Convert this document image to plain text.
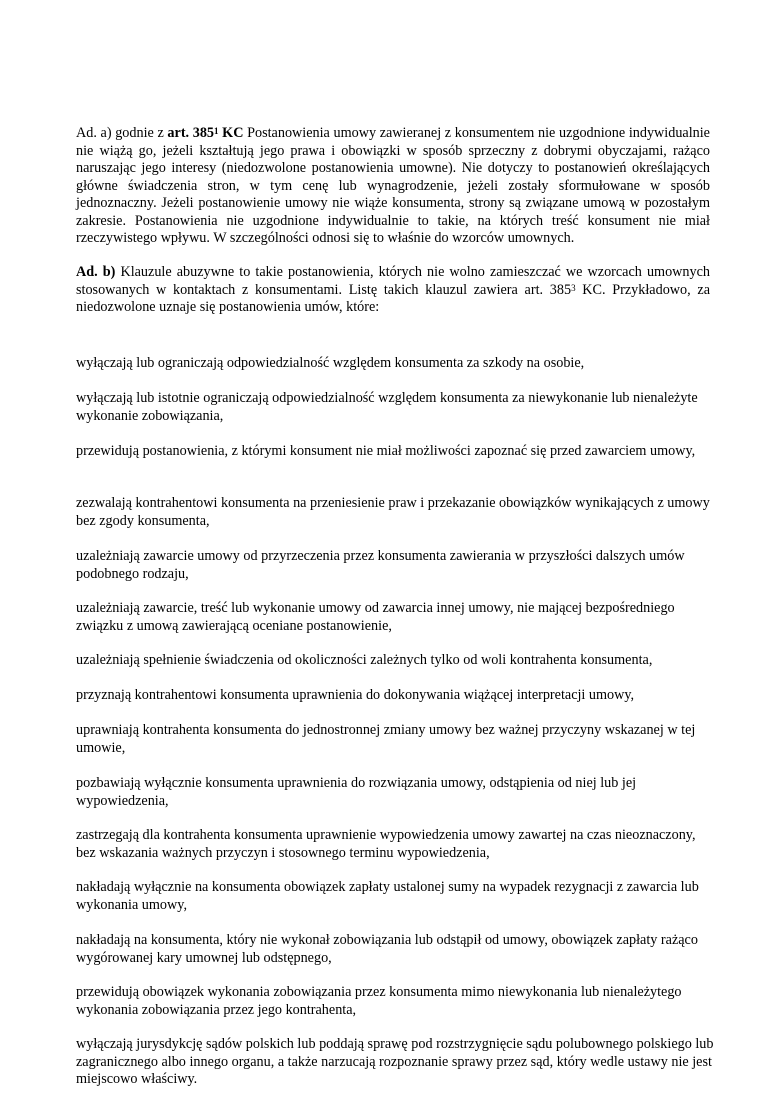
Ad. a) godnie z art. $385^1$ KC Postanowienia umowy zawieranej z konsumentem nie uzgodnione indywidualnie nie wiążą go, jeżeli kształtują jego prawa i obowiązki w sposób sprzeczny z dobrymi obyczajami, rażąco naruszając jego interesy (niedozwolone postanowienia umowne). Nie dotyczy to postanowień określających główne świadczenia stron, w tym cenę lub wynagrodzenie, jeżeli zostały sformułowane w sposób jednoznaczny. Jeżeli postanowienie umowy nie wiąże konsumenta, strony są związane umową w pozostałym zakresie. Postanowienia nie uzgodnione indywidualnie to takie, na których treść konsument nie miał rzeczywistego wpływu. W szczególności odnosi się to właśnie do wzorców umownych.

Ad. b) Klauzule abuzywne to takie postanowienia, których nie wolno zamieszczać we wzorcach umownych stosowanych w kontaktach z konsumentami. Listę takich klauzul zawiera art. $385^3$ KC. Przykładowo, za niedozwolone uznaje się postanowienia umów, które:

wyłączają lub ograniczają odpowiedzialność względem konsumenta za szkody na osobie,

wyłączają lub istotnie ograniczają odpowiedzialność względem konsumenta za niewykonanie lub nienależyte wykonanie zobowiązania,

przewidują postanowienia, z którymi konsument nie miał możliwości zapoznać się przed zawarciem umowy,

zezwalają kontrahentowi konsumenta na przeniesienie praw i przekazanie obowiązków wynikających z umowy bez zgody konsumenta,

uzależniają zawarcie umowy od przyrzeczenia przez konsumenta zawierania w przyszłości dalszych umów podobnego rodzaju,

uzależniają zawarcie, treść lub wykonanie umowy od zawarcia innej umowy, nie mającej bezpośredniego związku z umową zawierającą oceniane postanowienie,

uzależniają spełnienie świadczenia od okoliczności zależnych tylko od woli kontrahenta konsumenta,

przyznają kontrahentowi konsumenta uprawnienia do dokonywania wiążącej interpretacji umowy,

uprawniają kontrahenta konsumenta do jednostronnej zmiany umowy bez ważnej przyczyny wskazanej w tej umowie,

pozbawiają wyłącznie konsumenta uprawnienia do rozwiązania umowy, odstąpienia od niej lub jej wypowiedzenia,

zastrzegają dla kontrahenta konsumenta uprawnienie wypowiedzenia umowy zawartej na czas nieoznaczony, bez wskazania ważnych przyczyn i stosownego terminu wypowiedzenia,

nakładają wyłącznie na konsumenta obowiązek zapłaty ustalonej sumy na wypadek rezygnacji z zawarcia lub wykonania umowy,

nakładają na konsumenta, który nie wykonał zobowiązania lub odstąpił od umowy, obowiązek zapłaty rażąco wygórowanej kary umownej lub odstępnego,

przewidują obowiązek wykonania zobowiązania przez konsumenta mimo niewykonania lub nienależytego wykonania zobowiązania przez jego kontrahenta,

wyłączają jurysdykcję sądów polskich lub poddają sprawę pod rozstrzygnięcie sądu polubownego polskiego lub zagranicznego albo innego organu, a także narzucają rozpoznanie sprawy przez sąd, który wedle ustawy nie jest miejscowo właściwy.
